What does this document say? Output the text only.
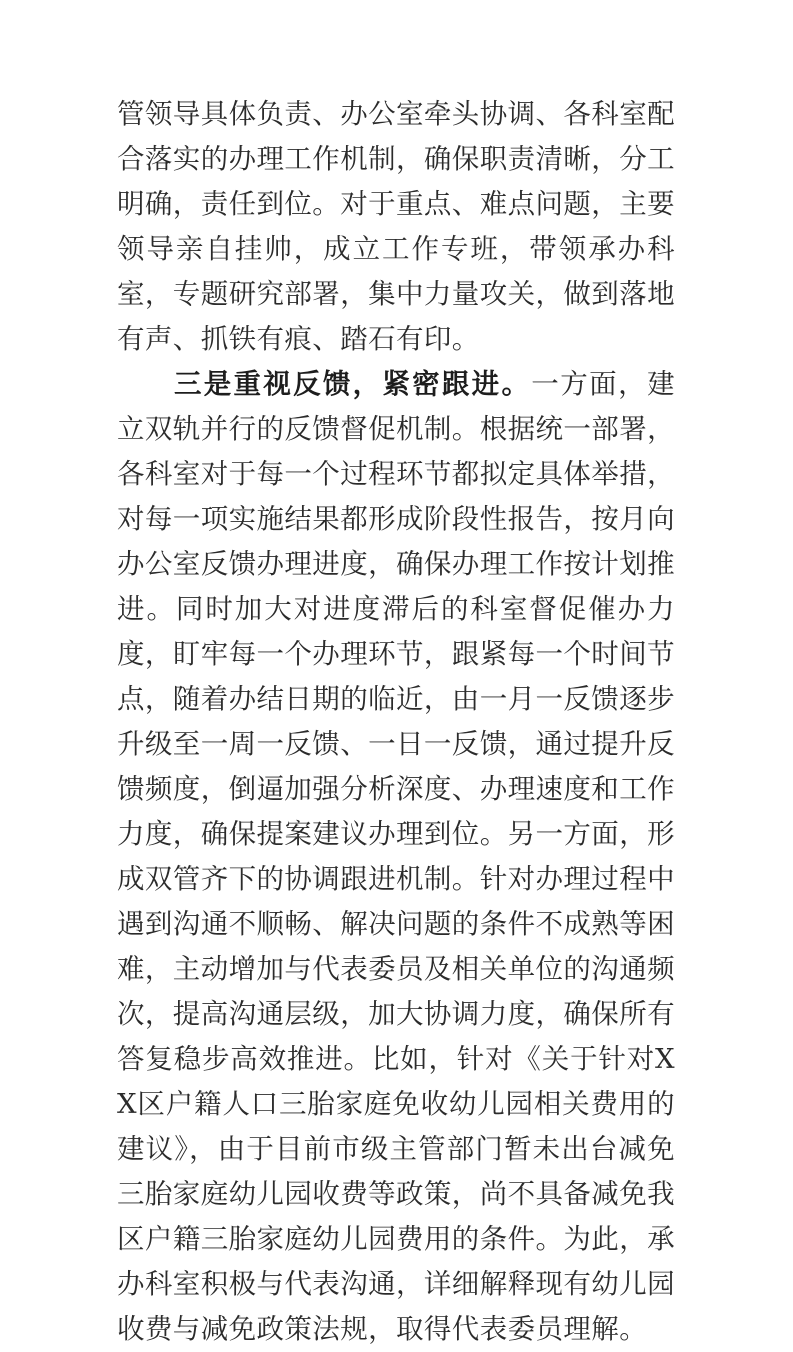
管领导具体负责、办公室牵头协调、各科室配合落实的办理工作机制，确保职责清晰，分工明确，责任到位。对于重点、难点问题，主要领导亲自挂帅，成立工作专班，带领承办科室，专题研究部署，集中力量攻关，做到落地有声、抓铁有痕、踏石有印。

三是重视反馈，紧密跟进。一方面，建立双轨并行的反馈督促机制。根据统一部署，各科室对于每一个过程环节都拟定具体举措，对每一项实施结果都形成阶段性报告，按月向办公室反馈办理进度，确保办理工作按计划推进。同时加大对进度滞后的科室督促催办力度，盯牢每一个办理环节，跟紧每一个时间节点，随着办结日期的临近，由一月一反馈逐步升级至一周一反馈、一日一反馈，通过提升反馈频度，倒逼加强分析深度、办理速度和工作力度，确保提案建议办理到位。另一方面，形成双管齐下的协调跟进机制。针对办理过程中遇到沟通不顺畅、解决问题的条件不成熟等困难，主动增加与代表委员及相关单位的沟通频次，提高沟通层级，加大协调力度，确保所有答复稳步高效推进。比如，针对《关于针对XX区户籍人口三胎家庭免收幼儿园相关费用的建议》，由于目前市级主管部门暂未出台减免三胎家庭幼儿园收费等政策，尚不具备减免我区户籍三胎家庭幼儿园费用的条件。为此，承办科室积极与代表沟通，详细解释现有幼儿园收费与减免政策法规，取得代表委员理解。
